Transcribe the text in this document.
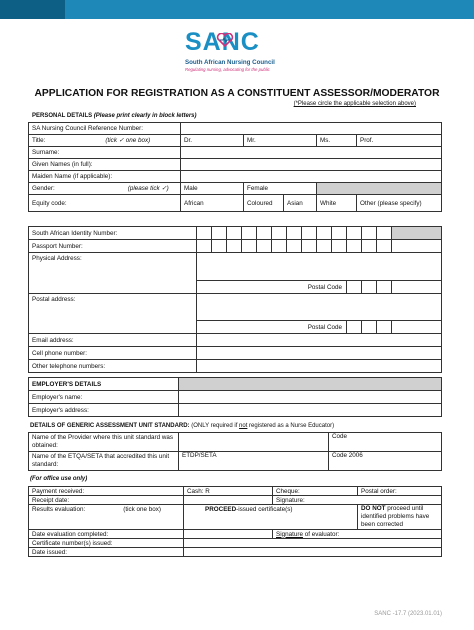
SANC
South African Nursing Council
Regulating nursing, advocating for the public
APPLICATION FOR REGISTRATION AS A CONSTITUENT ASSESSOR/MODERATOR
(*Please circle the applicable selection above)
PERSONAL DETAILS (Please print clearly in block letters)
SA Nursing Council Reference Number:					
Title: (tick ✓ one box)	Dr.	Mr.		Ms.	Prof.
Surname:					
Given Names (in full):					
Maiden Name (if applicable):					
Gender: (please tick ✓)	Male	Female			
Equity code:	African	Coloured	Asian	White	Other (please specify)
South African Identity Number:														
Passport Number:														
Physical Address:														
	Postal Code													
Postal address:														
	Postal Code													
Email address:														
Cell phone number:														
Other telephone numbers:														
EMPLOYER'S DETAILS	
Employer's name:	
Employer's address:	
DETAILS OF GENERIC ASSESSMENT UNIT STANDARD: (ONLY required if not registered as a Nurse Educator)
Name of the Provider where this unit standard was obtained:		Code
Name of the ETQA/SETA that accredited this unit standard:	ETDP/SETA	Code 2006
(For office use only)
Payment received:	Cash: R	Cheque:	Postal order:
Receipt date:		Signature:	
Results evaluation: (tick one box)	PROCEED-issued certificate(s)		DO NOT proceed until identified problems have been corrected
Date evaluation completed:		Signature of evaluator:	
Certificate number(s) issued:			
Date issued:			
SANC -17.7 (2023.01.01)
